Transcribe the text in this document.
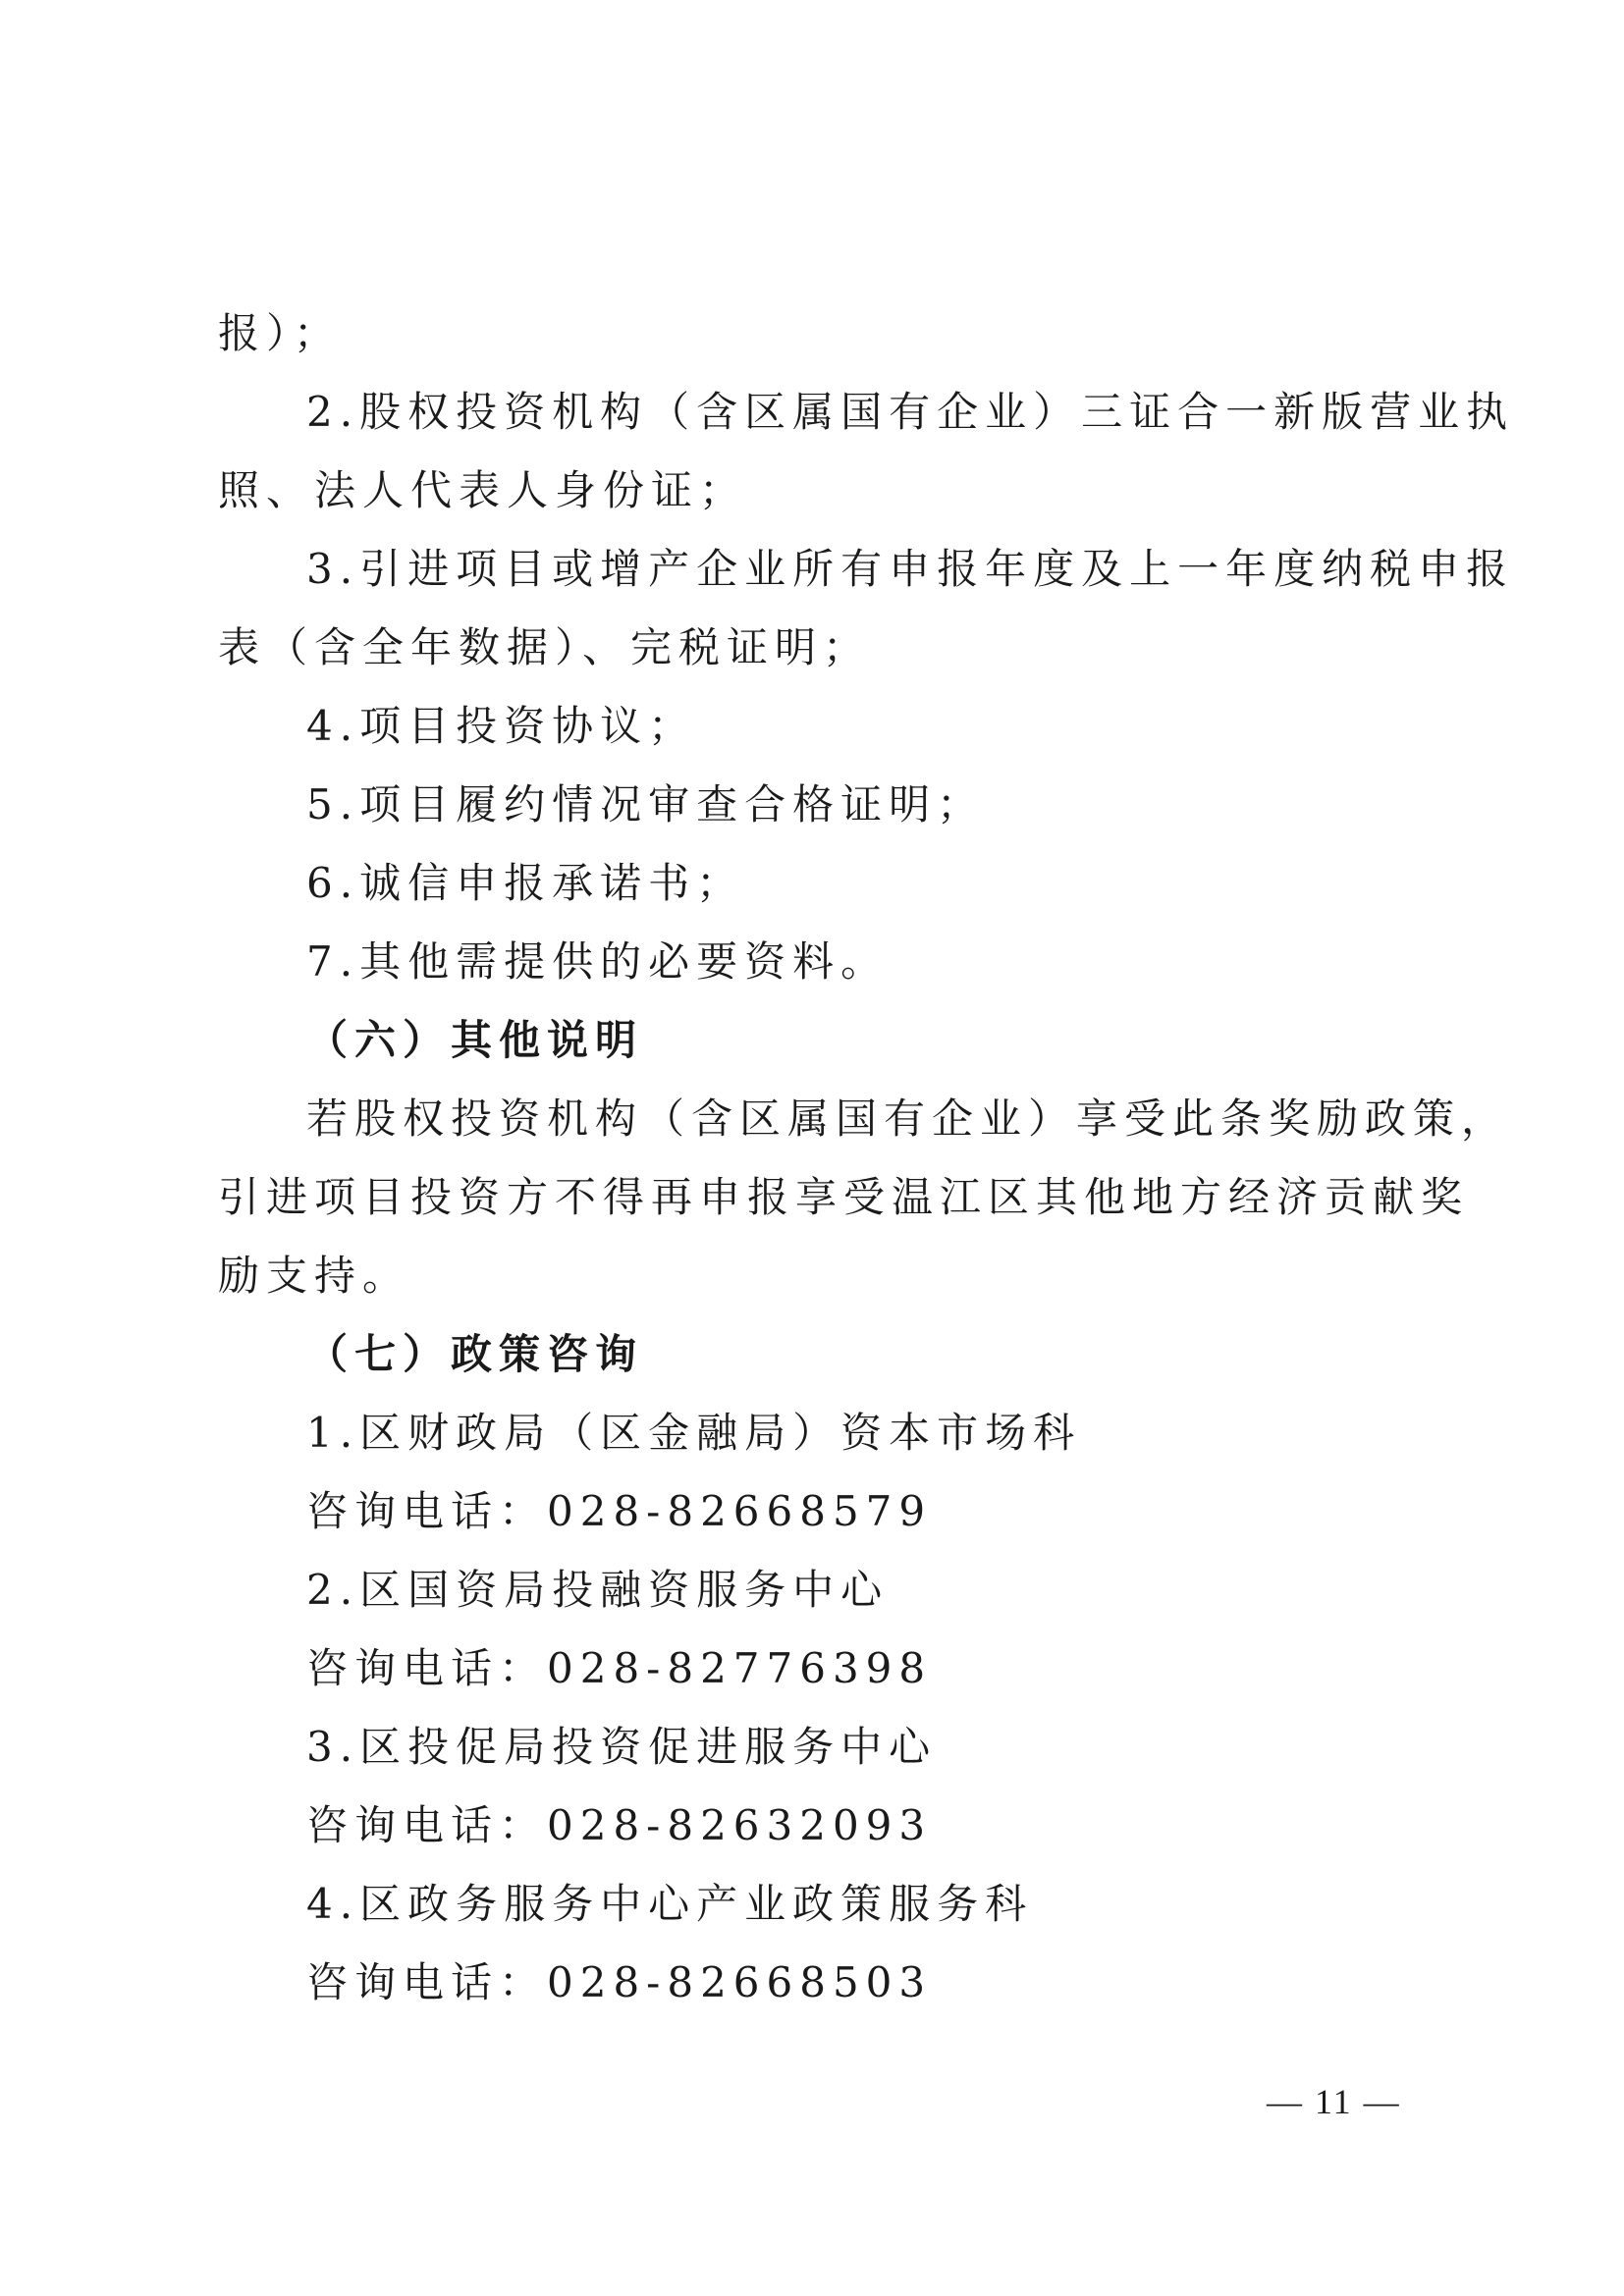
报）；
2.股权投资机构（含区属国有企业）三证合一新版营业执
照、法人代表人身份证；
3.引进项目或增产企业所有申报年度及上一年度纳税申报
表（含全年数据）、完税证明；
4.项目投资协议；
5.项目履约情况审查合格证明；
6.诚信申报承诺书；
7.其他需提供的必要资料。
（六）其他说明
若股权投资机构（含区属国有企业）享受此条奖励政策，
引进项目投资方不得再申报享受温江区其他地方经济贡献奖
励支持。
（七）政策咨询
1.区财政局（区金融局）资本市场科
咨询电话：028-82668579
2.区国资局投融资服务中心
咨询电话：028-82776398
3.区投促局投资促进服务中心
咨询电话：028-82632093
4.区政务服务中心产业政策服务科
咨询电话：028-82668503
— 11 —
